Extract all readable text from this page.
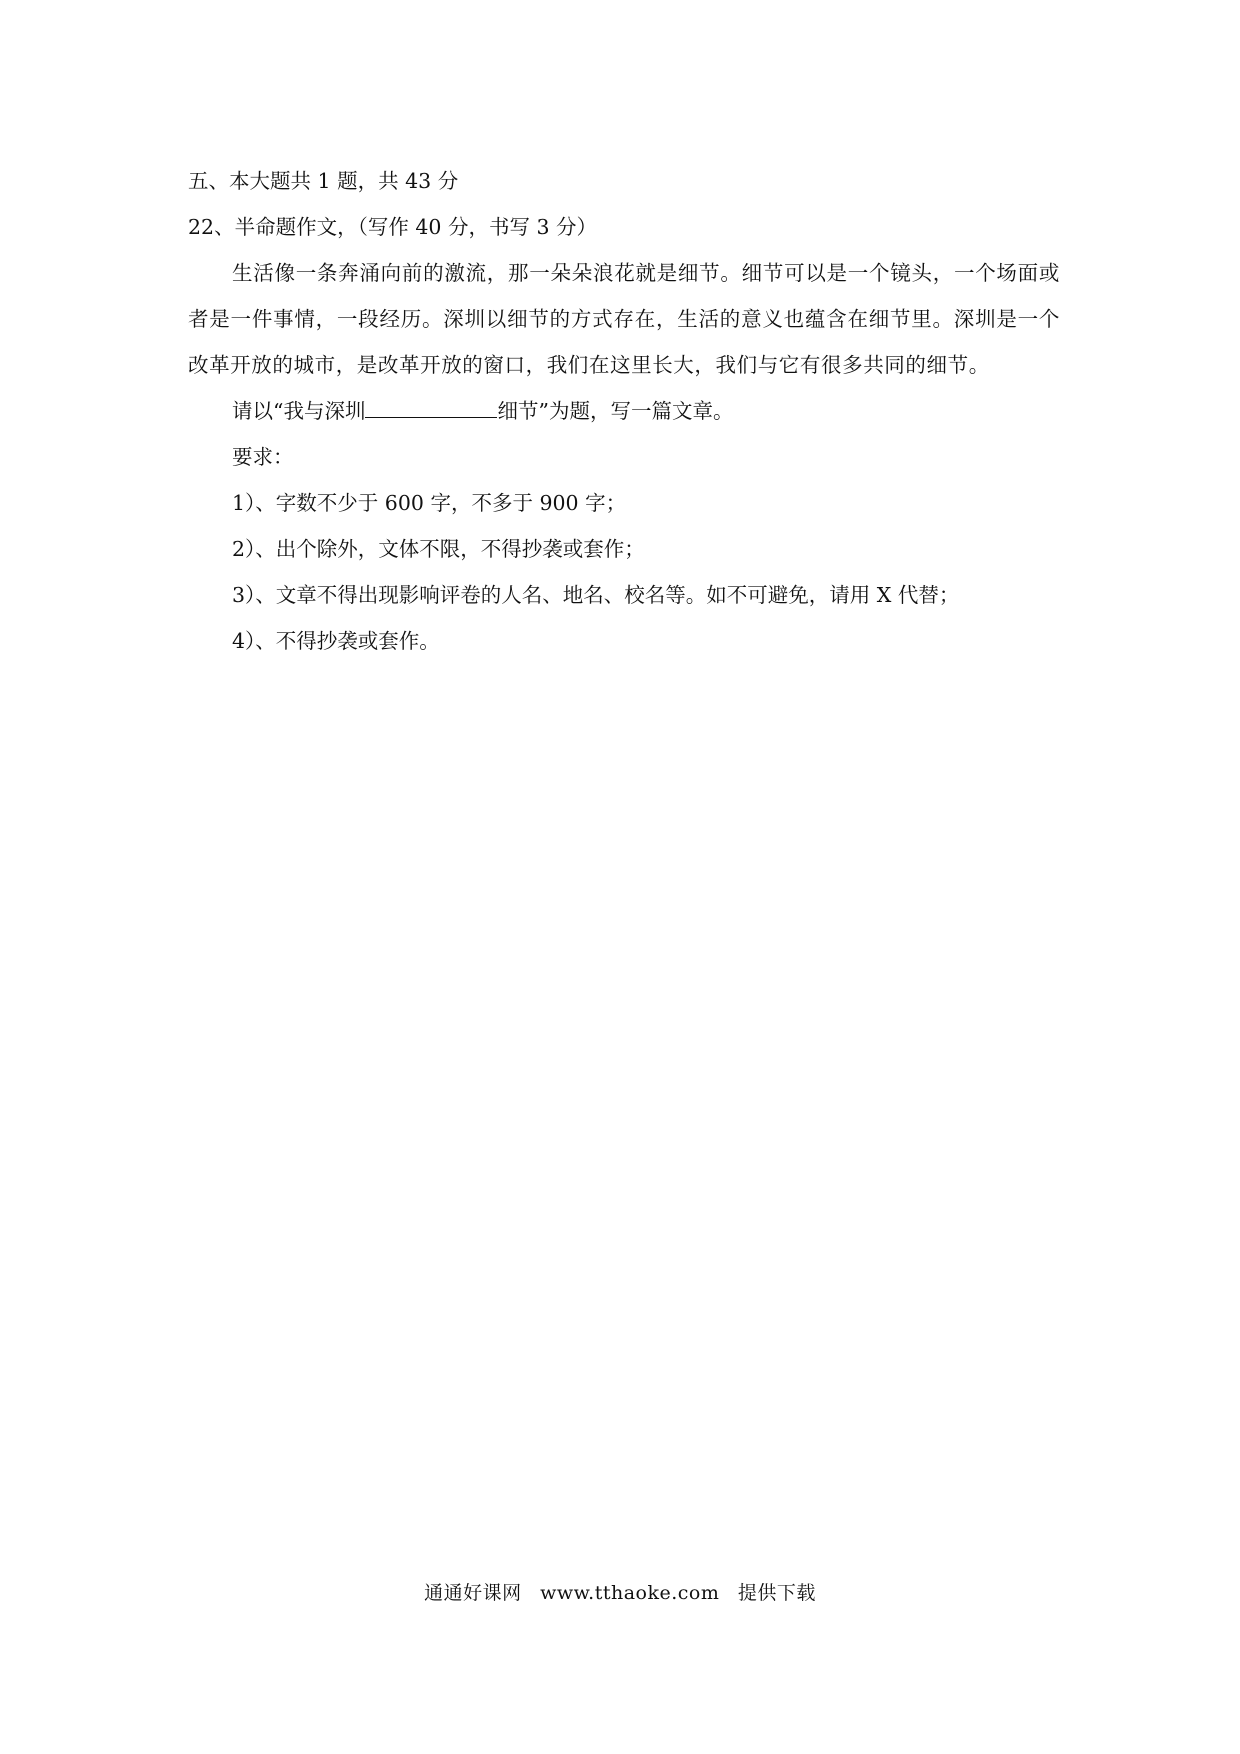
五、本大题共 1 题，共 43 分
22、半命题作文，（写作 40 分，书写 3 分）
生活像一条奔涌向前的激流，那一朵朵浪花就是细节。细节可以是一个镜头，一个场面或者是一件事情，一段经历。深圳以细节的方式存在，生活的意义也蕴含在细节里。深圳是一个改革开放的城市，是改革开放的窗口，我们在这里长大，我们与它有很多共同的细节。
请以“我与深圳	细节”为题，写一篇文章。
要求：
1）、字数不少于 600 字，不多于 900 字；
2）、出个除外，文体不限，不得抄袭或套作；
3）、文章不得出现影响评卷的人名、地名、校名等。如不可避免，请用 X 代替；
4）、不得抄袭或套作。
通通好课网 www.tthaoke.com 提供下载
